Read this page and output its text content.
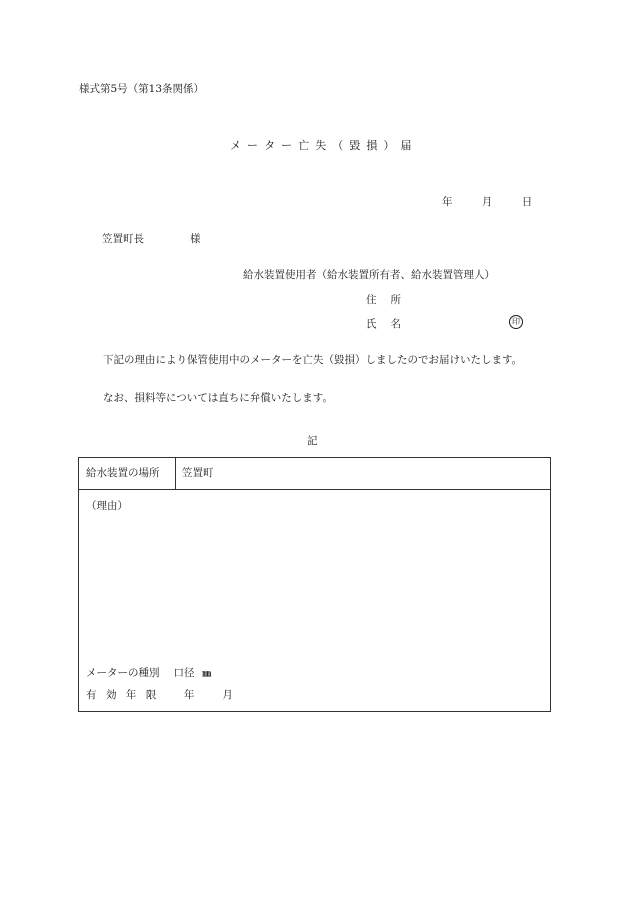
様式第5号（第13条関係）
メーター亡失（毀損）届
年	月	日
笠置町長	様
給水装置使用者（給水装置所有者、給水装置管理人）
住 所
氏 名	印
下記の理由により保管使用中のメーターを亡失（毀損）しましたのでお届けいたします。
なお、損料等については直ちに弁償いたします。
記
給水装置の場所	笠置町
（理由）
メーターの種別 口径 ㎜
有効年限 年	月
